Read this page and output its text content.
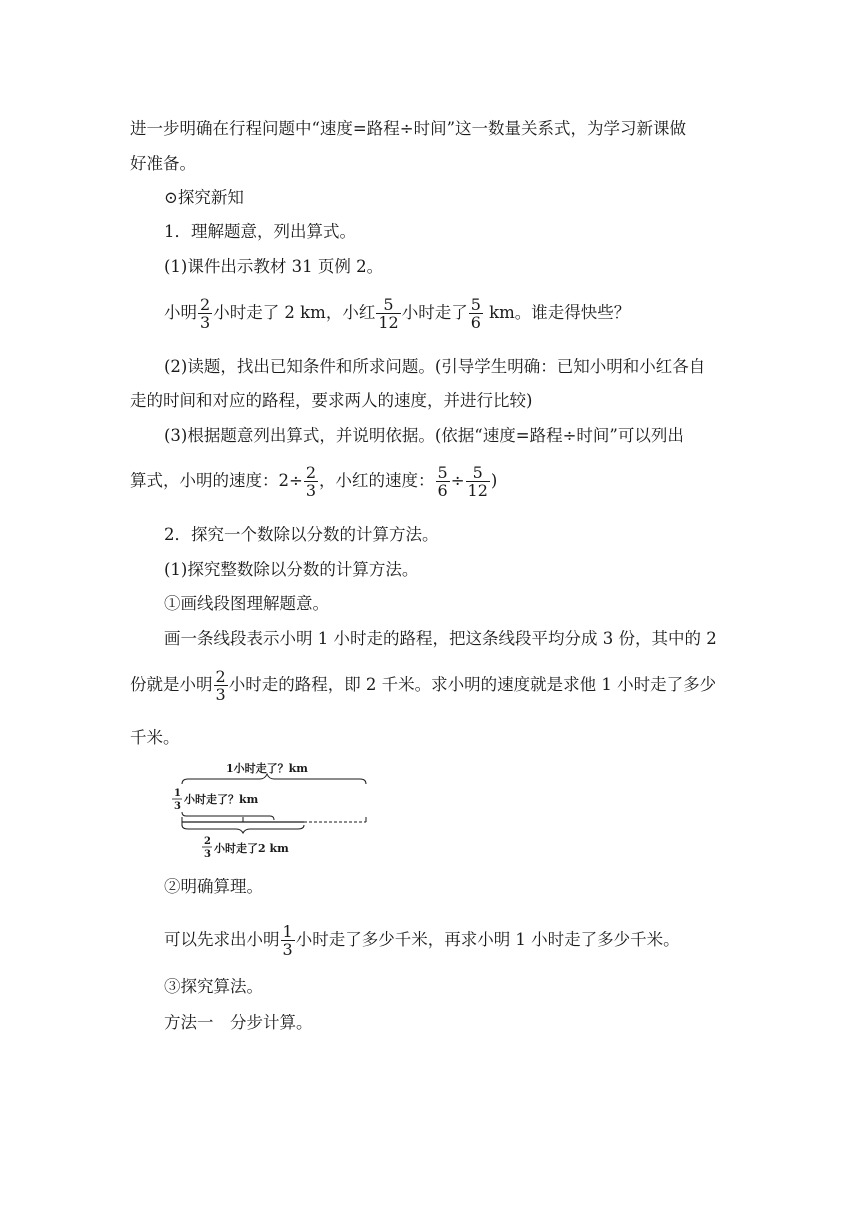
进一步明确在行程问题中“速度=路程÷时间”这一数量关系式，为学习新课做
好准备。
⊙探究新知
1．理解题意，列出算式。
(1)课件出示教材 31 页例 2。
小明 $\frac{2}{3}$ 小时走了 2 km，小红 $\frac{5}{12}$ 小时走了 $\frac{5}{6}$ km。谁走得快些？
(2)读题，找出已知条件和所求问题。(引导学生明确：已知小明和小红各自
走的时间和对应的路程，要求两人的速度，并进行比较)
(3)根据题意列出算式，并说明依据。(依据“速度=路程÷时间”可以列出
算式，小明的速度：$2\div \frac{2}{3}$ ，小红的速度： $\frac{5}{6} \div \frac{5}{12}$ )
2．探究一个数除以分数的计算方法。
(1)探究整数除以分数的计算方法。
①画线段图理解题意。
画一条线段表示小明 1 小时走的路程，把这条线段平均分成 3 份，其中的 2
份就是小明 $\frac{2}{3}$ 小时走的路程，即 2 千米。求小明的速度就是求他 1 小时走了多少
千米。
1小时走了？km
1
3
小时走了？km
2
3 小时走了2 km
②明确算理。
可以先求出小明 $\frac{1}{3}$ 小时走了多少千米，再求小明 1 小时走了多少千米。
③探究算法。
方法一　分步计算。
